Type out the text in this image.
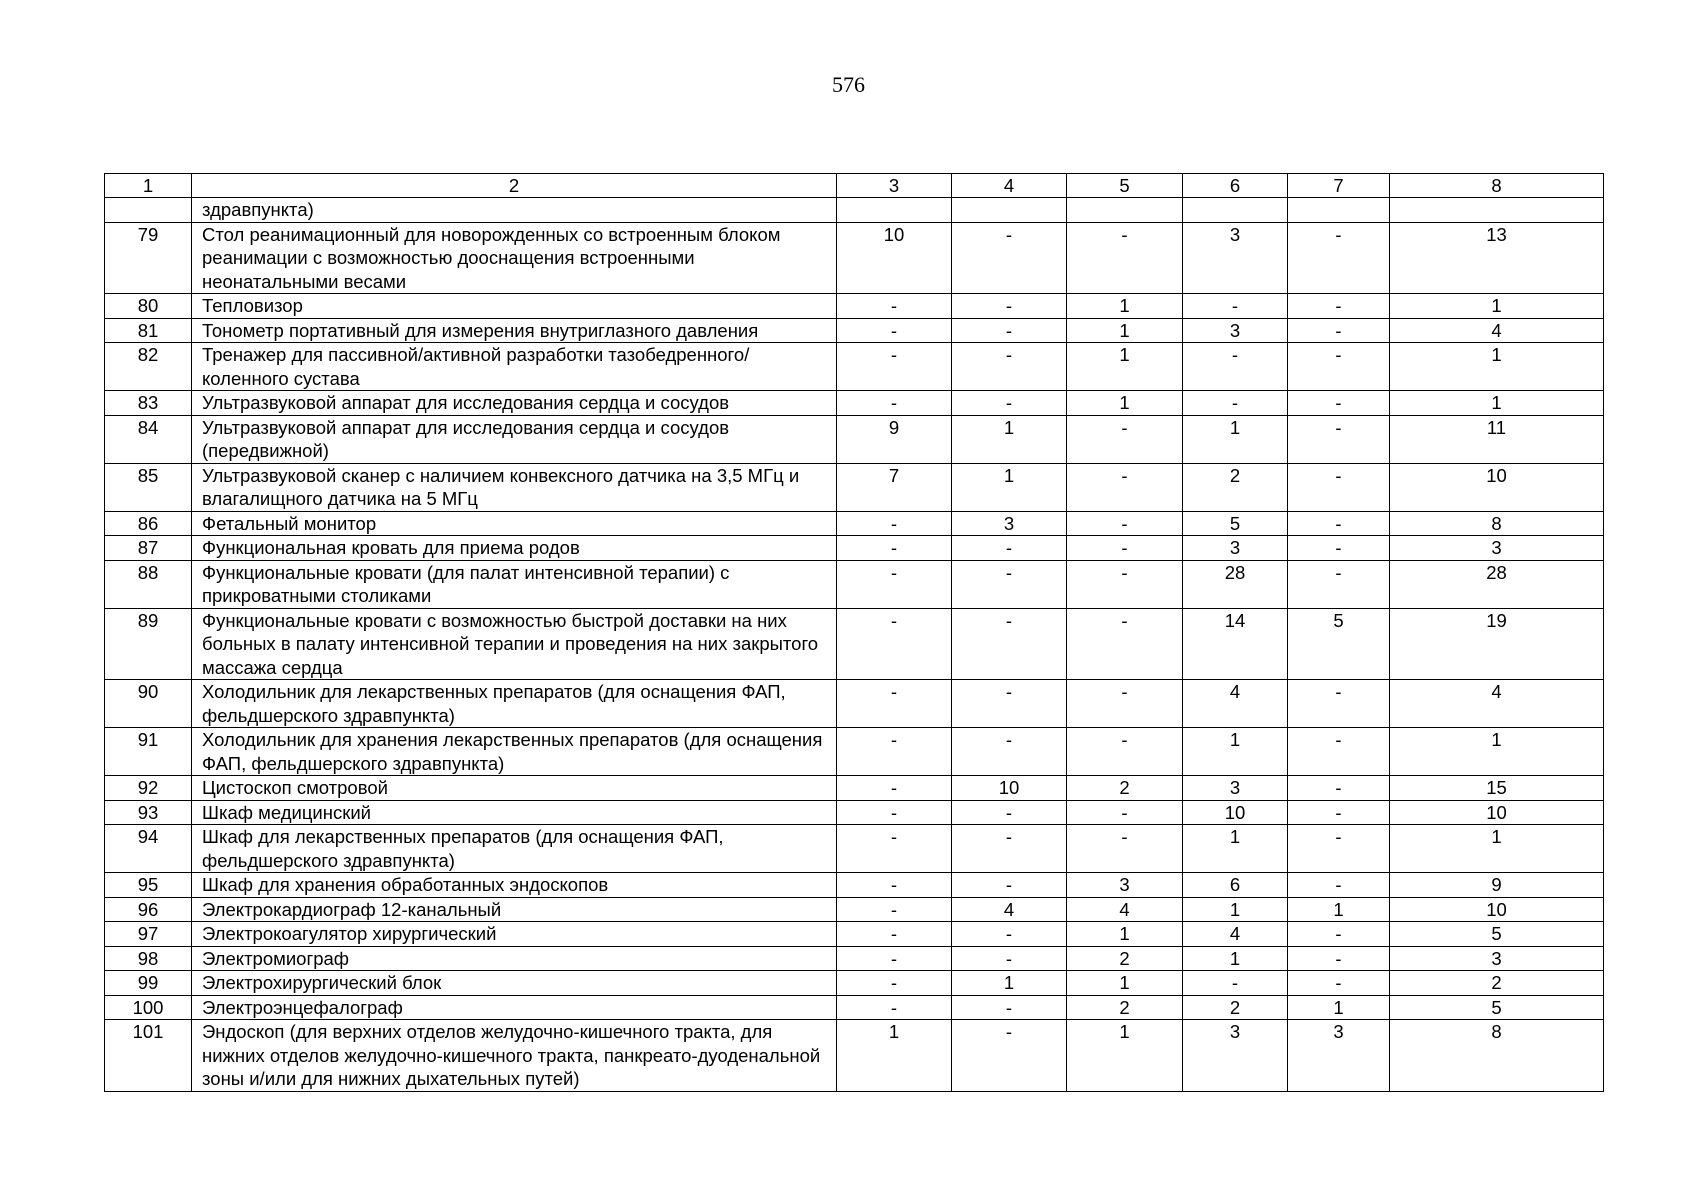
576
1	2	3	4	5	6	7	8
	здравпункта)						
79	Стол реанимационный для новорожденных со встроенным блоком реанимации с возможностью дооснащения встроенными неонатальными весами	10	-	-	3	-	13
80	Тепловизор	-	-	1	-	-	1
81	Тонометр портативный для измерения внутриглазного давления	-	-	1	3	-	4
82	Тренажер для пассивной/активной разработки тазобедренного/коленного сустава	-	-	1	-	-	1
83	Ультразвуковой аппарат для исследования сердца и сосудов	-	-	1	-	-	1
84	Ультразвуковой аппарат для исследования сердца и сосудов (передвижной)	9	1	-	1	-	11
85	Ультразвуковой сканер с наличием конвексного датчика на 3,5 МГц и влагалищного датчика на 5 МГц	7	1	-	2	-	10
86	Фетальный монитор	-	3	-	5	-	8
87	Функциональная кровать для приема родов	-	-	-	3	-	3
88	Функциональные кровати (для палат интенсивной терапии) с прикроватными столиками	-	-	-	28	-	28
89	Функциональные кровати с возможностью быстрой доставки на них больных в палату интенсивной терапии и проведения на них закрытого массажа сердца	-	-	-	14	5	19
90	Холодильник для лекарственных препаратов (для оснащения ФАП, фельдшерского здравпункта)	-	-	-	4	-	4
91	Холодильник для хранения лекарственных препаратов (для оснащения ФАП, фельдшерского здравпункта)	-	-	-	1	-	1
92	Цистоскоп смотровой	-	10	2	3	-	15
93	Шкаф медицинский	-	-	-	10	-	10
94	Шкаф для лекарственных препаратов (для оснащения ФАП, фельдшерского здравпункта)	-	-	-	1	-	1
95	Шкаф для хранения обработанных эндоскопов	-	-	3	6	-	9
96	Электрокардиограф 12-канальный	-	4	4	1	1	10
97	Электрокоагулятор хирургический	-	-	1	4	-	5
98	Электромиограф	-	-	2	1	-	3
99	Электрохирургический блок	-	1	1	-	-	2
100	Электроэнцефалограф	-	-	2	2	1	5
101	Эндоскоп (для верхних отделов желудочно-кишечного тракта, для нижних отделов желудочно-кишечного тракта, панкреато-дуоденальной зоны и/или для нижних дыхательных путей)	1	-	1	3	3	8
